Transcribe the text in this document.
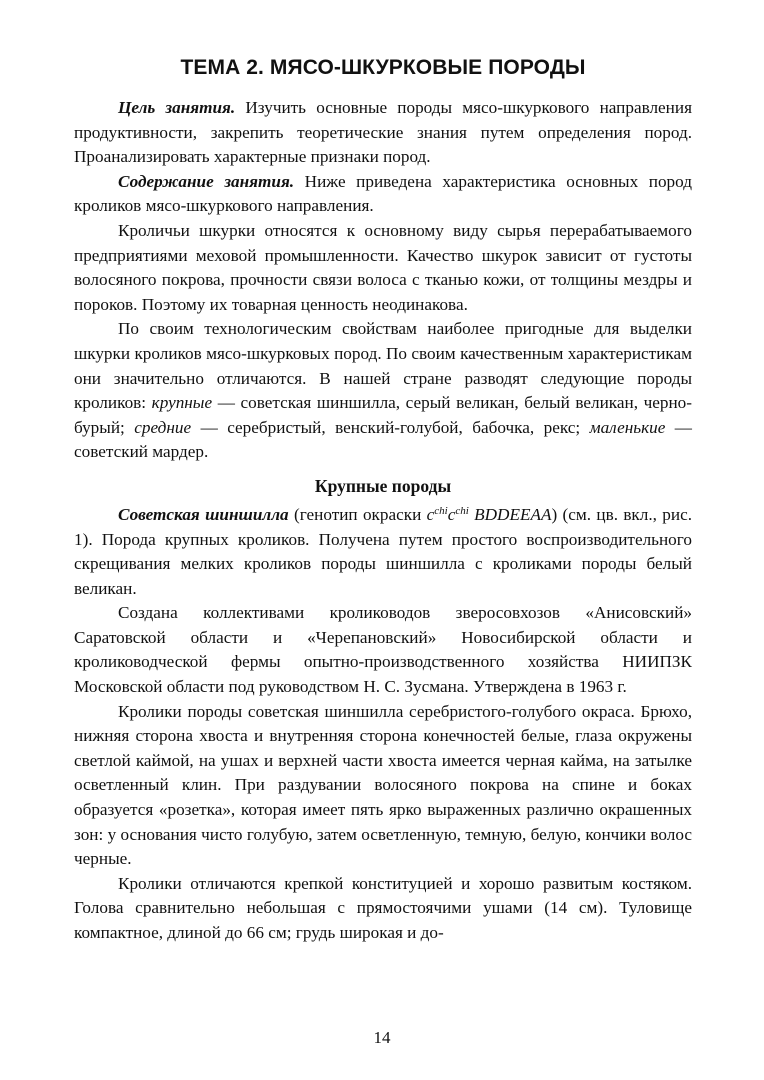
ТЕМА 2. МЯСО-ШКУРКОВЫЕ ПОРОДЫ

Цель занятия. Изучить основные породы мясо-шкуркового направления продуктивности, закрепить теоретические знания путем определения пород. Проанализировать характерные признаки пород.

Содержание занятия. Ниже приведена характеристика основных пород кроликов мясо-шкуркового направления.

Кроличьи шкурки относятся к основному виду сырья перерабатываемого предприятиями меховой промышленности. Качество шкурок зависит от густоты волосяного покрова, прочности связи волоса с тканью кожи, от толщины мездры и пороков. Поэтому их товарная ценность неодинакова.

По своим технологическим свойствам наиболее пригодные для выделки шкурки кроликов мясо-шкурковых пород. По своим качественным характеристикам они значительно отличаются. В нашей стране разводят следующие породы кроликов: крупные — советская шиншилла, серый великан, белый великан, черно-бурый; средние — серебристый, венский-голубой, бабочка, рекс; маленькие — советский мардер.

Крупные породы

Советская шиншилла (генотип окраски $c^{chi}c^{chi}$ BDDEEAA) (см. цв. вкл., рис. 1). Порода крупных кроликов. Получена путем простого воспроизводительного скрещивания мелких кроликов породы шиншилла с кроликами породы белый великан.

Создана коллективами кролиководов зверосовхозов «Анисовский» Саратовской области и «Черепановский» Новосибирской области и кролиководческой фермы опытно-производственного хозяйства НИИПЗК Московской области под руководством Н. С. Зусмана. Утверждена в 1963 г.

Кролики породы советская шиншилла серебристого-голубого окраса. Брюхо, нижняя сторона хвоста и внутренняя сторона конечностей белые, глаза окружены светлой каймой, на ушах и верхней части хвоста имеется черная кайма, на затылке осветленный клин. При раздувании волосяного покрова на спине и боках образуется «розетка», которая имеет пять ярко выраженных различно окрашенных зон: у основания чисто голубую, затем осветленную, темную, белую, кончики волос черные.

Кролики отличаются крепкой конституцией и хорошо развитым костяком. Голова сравнительно небольшая с прямостоячими ушами (14 см). Туловище компактное, длиной до 66 см; грудь широкая и до-

14
